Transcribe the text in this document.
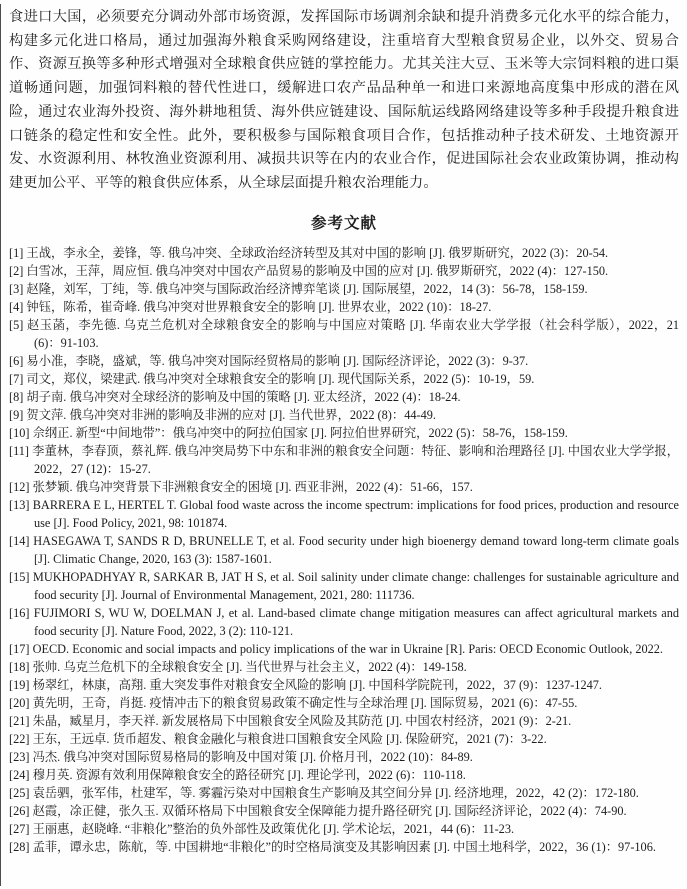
食进口大国，必须要充分调动外部市场资源，发挥国际市场调剂余缺和提升消费多元化水平的综合能力，构建多元化进口格局，通过加强海外粮食采购网络建设，注重培育大型粮食贸易企业，以外交、贸易合作、资源互换等多种形式增强对全球粮食供应链的掌控能力。尤其关注大豆、玉米等大宗饲料粮的进口渠道畅通问题，加强饲料粮的替代性进口，缓解进口农产品品种单一和进口来源地高度集中形成的潜在风险，通过农业海外投资、海外耕地租赁、海外供应链建设、国际航运线路网络建设等多种手段提升粮食进口链条的稳定性和安全性。此外，要积极参与国际粮食项目合作，包括推动种子技术研发、土地资源开发、水资源利用、林牧渔业资源利用、减损共识等在内的农业合作，促进国际社会农业政策协调，推动构建更加公平、平等的粮食供应体系，从全球层面提升粮农治理能力。

参考文献
[1] 王战，李永全，姜锋，等. 俄乌冲突、全球政治经济转型及其对中国的影响 [J]. 俄罗斯研究，2022 (3)：20-54.
[2] 白雪冰，王萍，周应恒. 俄乌冲突对中国农产品贸易的影响及中国的应对 [J]. 俄罗斯研究，2022 (4)：127-150.
[3] 赵隆，刘军，丁纯，等. 俄乌冲突与国际政治经济博弈笔谈 [J]. 国际展望，2022，14 (3)：56-78，158-159.
[4] 钟钰，陈希，崔奇峰. 俄乌冲突对世界粮食安全的影响 [J]. 世界农业，2022 (10)：18-27.
[5] 赵玉菡，李先德. 乌克兰危机对全球粮食安全的影响与中国应对策略 [J]. 华南农业大学学报（社会科学版），2022，21 (6)：91-103.
[6] 易小准，李晓，盛斌，等. 俄乌冲突对国际经贸格局的影响 [J]. 国际经济评论，2022 (3)：9-37.
[7] 司文，郑仪，梁建武. 俄乌冲突对全球粮食安全的影响 [J]. 现代国际关系，2022 (5)：10-19，59.
[8] 胡子南. 俄乌冲突对全球经济的影响及中国的策略 [J]. 亚太经济，2022 (4)：18-24.
[9] 贺文萍. 俄乌冲突对非洲的影响及非洲的应对 [J]. 当代世界，2022 (8)：44-49.
[10] 佘纲正. 新型“中间地带”：俄乌冲突中的阿拉伯国家 [J]. 阿拉伯世界研究，2022 (5)：58-76，158-159.
[11] 李董林，李春顶，蔡礼辉. 俄乌冲突局势下中东和非洲的粮食安全问题：特征、影响和治理路径 [J]. 中国农业大学学报，2022，27 (12)：15-27.
[12] 张梦颖. 俄乌冲突背景下非洲粮食安全的困境 [J]. 西亚非洲，2022 (4)：51-66，157.
[13] BARRERA E L, HERTEL T. Global food waste across the income spectrum: implications for food prices, production and resource use [J]. Food Policy, 2021, 98: 101874.
[14] HASEGAWA T, SANDS R D, BRUNELLE T, et al. Food security under high bioenergy demand toward long-term climate goals [J]. Climatic Change, 2020, 163 (3): 1587-1601.
[15] MUKHOPADHYAY R, SARKAR B, JAT H S, et al. Soil salinity under climate change: challenges for sustainable agriculture and food security [J]. Journal of Environmental Management, 2021, 280: 111736.
[16] FUJIMORI S, WU W, DOELMAN J, et al. Land-based climate change mitigation measures can affect agricultural markets and food security [J]. Nature Food, 2022, 3 (2): 110-121.
[17] OECD. Economic and social impacts and policy implications of the war in Ukraine [R]. Paris: OECD Economic Outlook, 2022.
[18] 张帅. 乌克兰危机下的全球粮食安全 [J]. 当代世界与社会主义，2022 (4)：149-158.
[19] 杨翠红，林康，高翔. 重大突发事件对粮食安全风险的影响 [J]. 中国科学院院刊，2022，37 (9)：1237-1247.
[20] 黄先明，王奇，肖挺. 疫情冲击下的粮食贸易政策不确定性与全球治理 [J]. 国际贸易，2021 (6)：47-55.
[21] 朱晶，臧星月，李天祥. 新发展格局下中国粮食安全风险及其防范 [J]. 中国农村经济，2021 (9)：2-21.
[22] 王东，王远卓. 货币超发、粮食金融化与粮食进口国粮食安全风险 [J]. 保险研究，2021 (7)：3-22.
[23] 冯杰. 俄乌冲突对国际贸易格局的影响及中国对策 [J]. 价格月刊，2022 (10)：84-89.
[24] 穆月英. 资源有效利用保障粮食安全的路径研究 [J]. 理论学刊，2022 (6)：110-118.
[25] 袁岳驷，张军伟，杜建军，等. 雾霾污染对中国粮食生产影响及其空间分异 [J]. 经济地理，2022，42 (2)：172-180.
[26] 赵霞，凃正健，张久玉. 双循环格局下中国粮食安全保障能力提升路径研究 [J]. 国际经济评论，2022 (4)：74-90.
[27] 王丽惠，赵晓峰. “非粮化”整治的负外部性及政策优化 [J]. 学术论坛，2021，44 (6)：11-23.
[28] 孟菲，谭永忠，陈航，等. 中国耕地“非粮化”的时空格局演变及其影响因素 [J]. 中国土地科学，2022，36 (1)：97-106.
